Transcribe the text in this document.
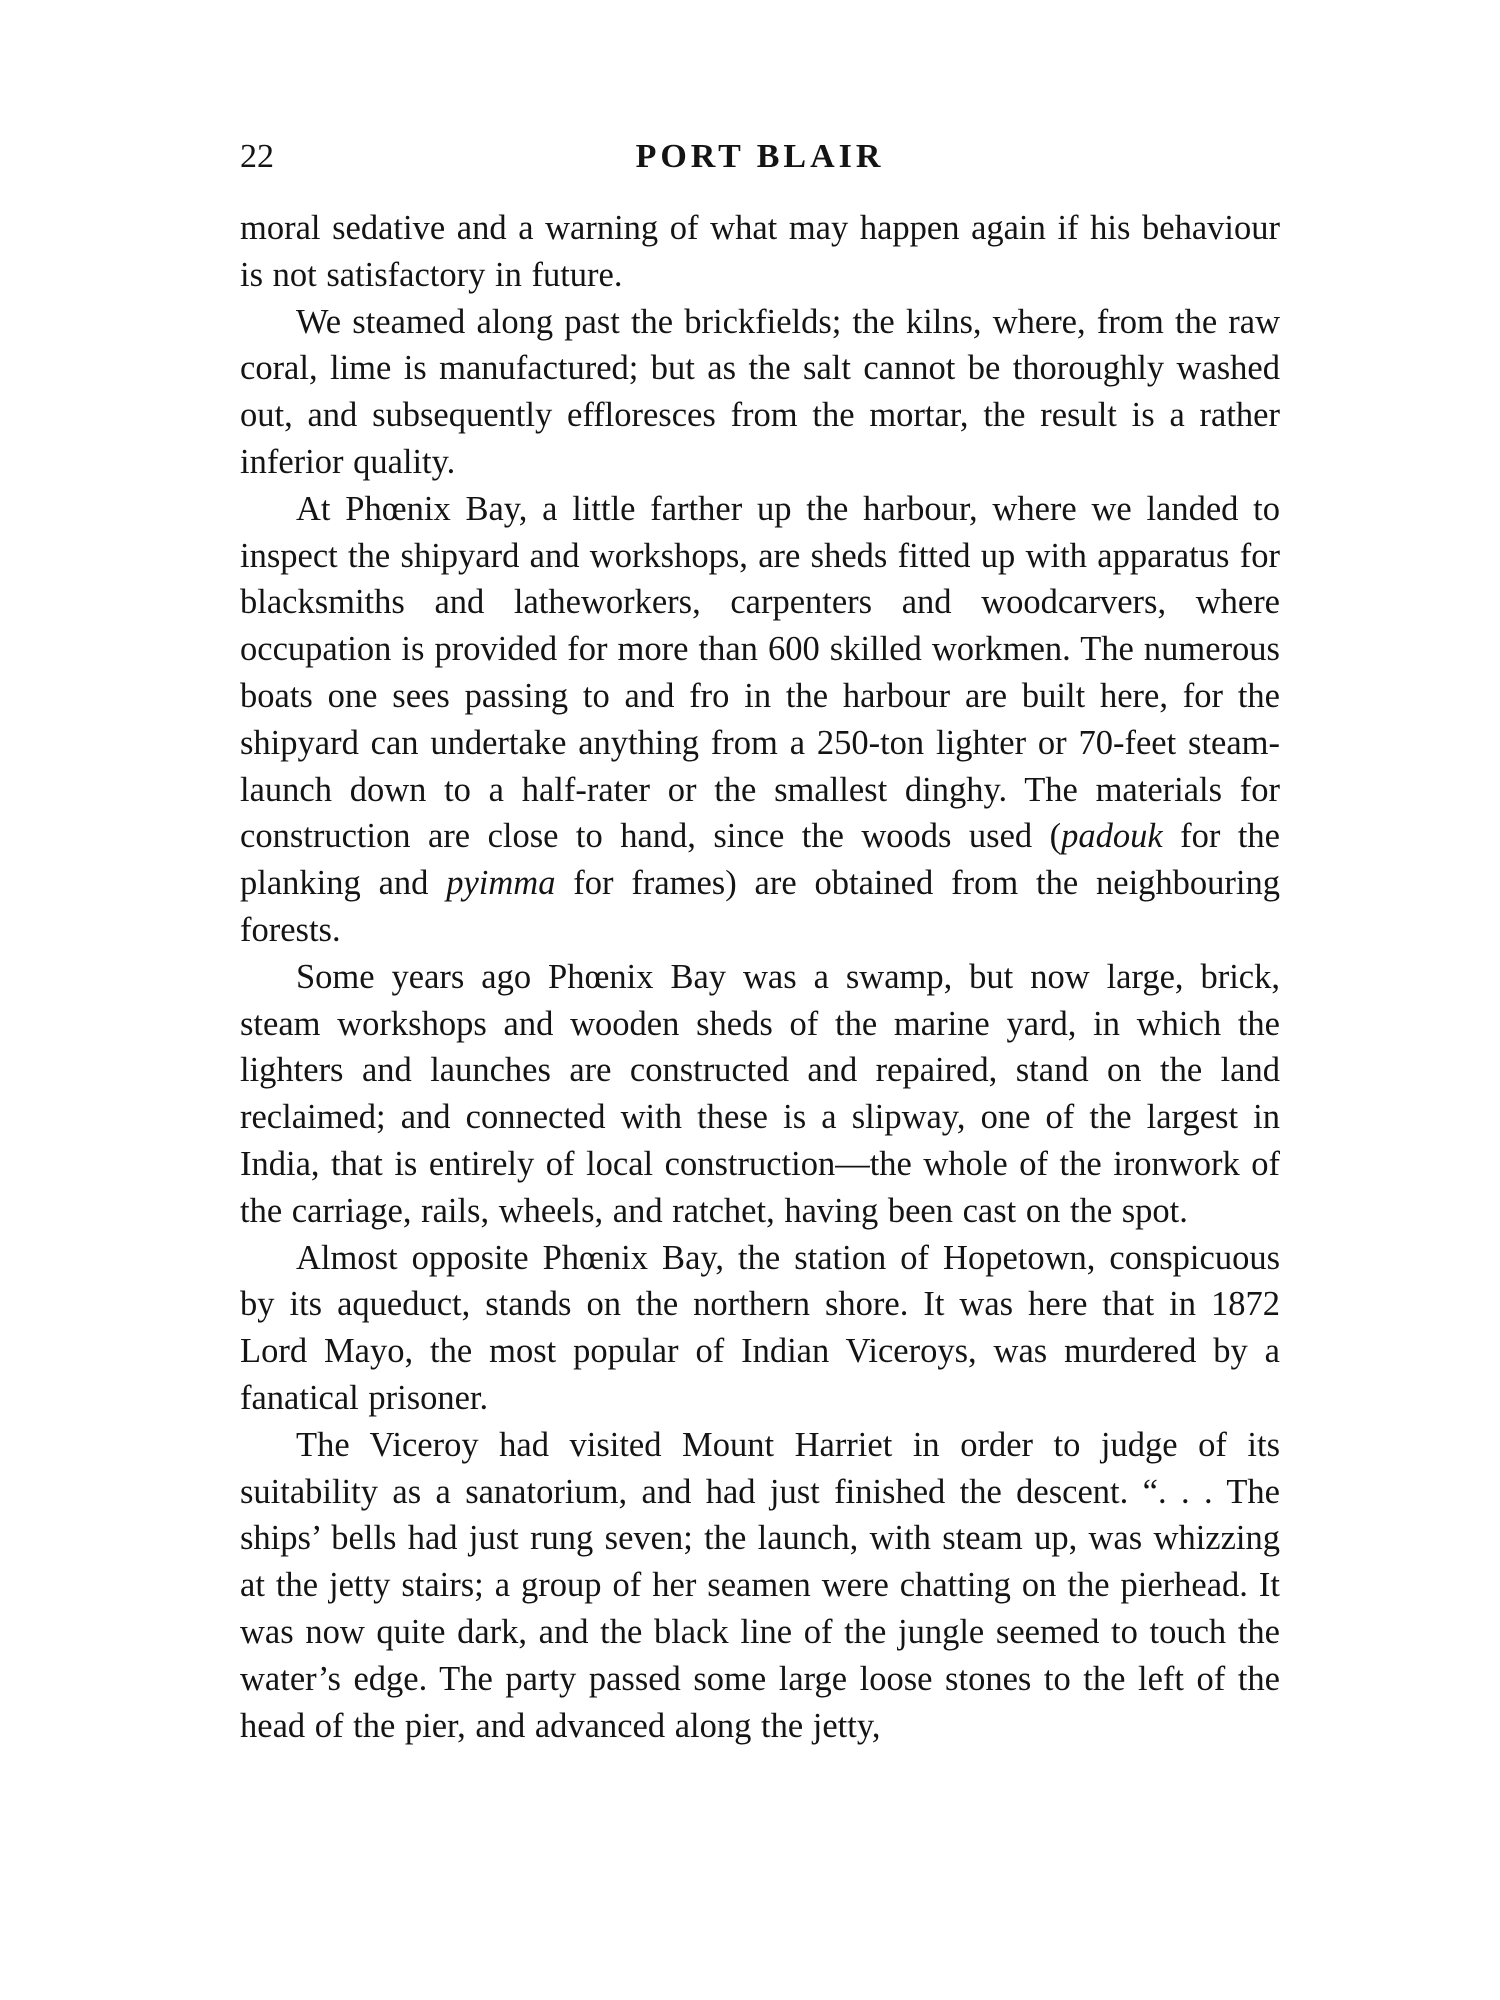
22	PORT BLAIR

moral sedative and a warning of what may happen again if his behaviour is not satisfactory in future.

We steamed along past the brickfields; the kilns, where, from the raw coral, lime is manufactured; but as the salt cannot be thoroughly washed out, and subsequently effloresces from the mortar, the result is a rather inferior quality.

At Phœnix Bay, a little farther up the harbour, where we landed to inspect the shipyard and workshops, are sheds fitted up with apparatus for blacksmiths and latheworkers, carpenters and woodcarvers, where occupation is provided for more than 600 skilled workmen. The numerous boats one sees passing to and fro in the harbour are built here, for the shipyard can undertake anything from a 250-ton lighter or 70-feet steam-launch down to a half-rater or the smallest dinghy. The materials for construction are close to hand, since the woods used (padouk for the planking and pyimma for frames) are obtained from the neighbouring forests.

Some years ago Phœnix Bay was a swamp, but now large, brick, steam workshops and wooden sheds of the marine yard, in which the lighters and launches are constructed and repaired, stand on the land reclaimed; and connected with these is a slipway, one of the largest in India, that is entirely of local construction—the whole of the ironwork of the carriage, rails, wheels, and ratchet, having been cast on the spot.

Almost opposite Phœnix Bay, the station of Hopetown, conspicuous by its aqueduct, stands on the northern shore. It was here that in 1872 Lord Mayo, the most popular of Indian Viceroys, was murdered by a fanatical prisoner.

The Viceroy had visited Mount Harriet in order to judge of its suitability as a sanatorium, and had just finished the descent. “. . . The ships’ bells had just rung seven; the launch, with steam up, was whizzing at the jetty stairs; a group of her seamen were chatting on the pierhead. It was now quite dark, and the black line of the jungle seemed to touch the water’s edge. The party passed some large loose stones to the left of the head of the pier, and advanced along the jetty,
